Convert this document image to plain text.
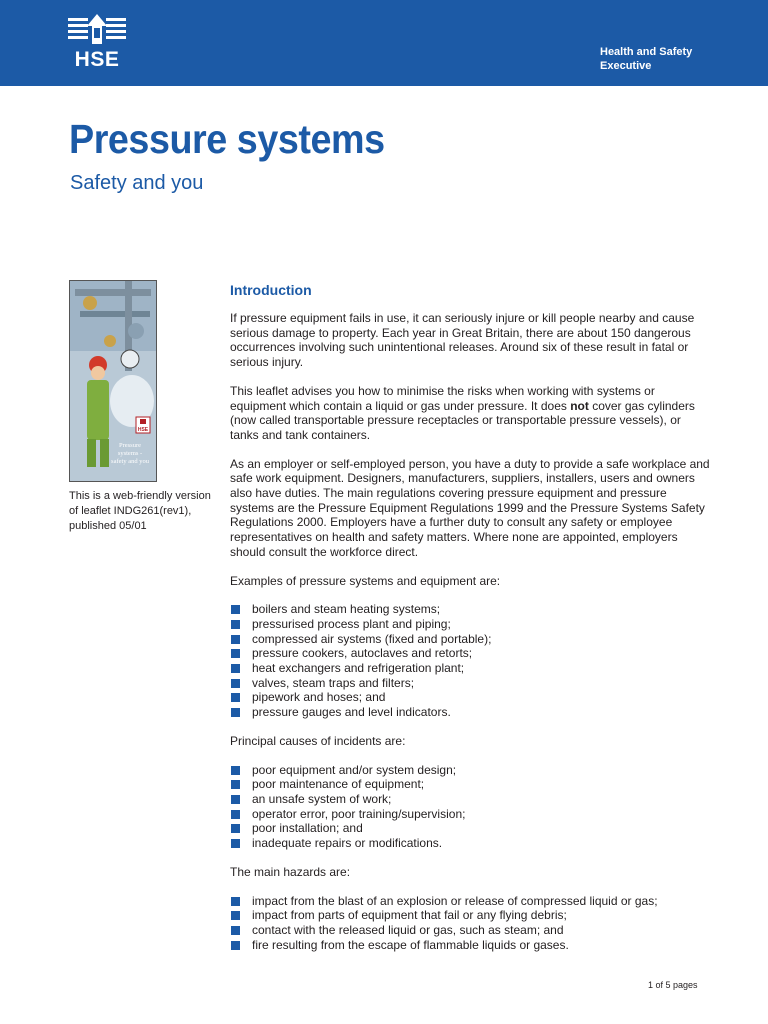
HSE	Health and Safety
Executive
Pressure systems
Safety and you
HSE
Pressure
systems -
safety and you
This is a web-friendly version
of leaflet INDG261(rev1),
published 05/01
Introduction

If pressure equipment fails in use, it can seriously injure or kill people nearby and cause serious damage to property. Each year in Great Britain, there are about 150 dangerous occurrences involving such unintentional releases. Around six of these result in fatal or serious injury.

This leaflet advises you how to minimise the risks when working with systems or equipment which contain a liquid or gas under pressure. It does not cover gas cylinders (now called transportable pressure receptacles or transportable pressure vessels), or tanks and tank containers.

As an employer or self-employed person, you have a duty to provide a safe workplace and safe work equipment. Designers, manufacturers, suppliers, installers, users and owners also have duties. The main regulations covering pressure equipment and pressure systems are the Pressure Equipment Regulations 1999 and the Pressure Systems Safety Regulations 2000. Employers have a further duty to consult any safety or employee representatives on health and safety matters. Where none are appointed, employers should consult the workforce direct.

Examples of pressure systems and equipment are:

boilers and steam heating systems;
pressurised process plant and piping;
compressed air systems (fixed and portable);
pressure cookers, autoclaves and retorts;
heat exchangers and refrigeration plant;
valves, steam traps and filters;
pipework and hoses; and
pressure gauges and level indicators.

Principal causes of incidents are:

poor equipment and/or system design;
poor maintenance of equipment;
an unsafe system of work;
operator error, poor training/supervision;
poor installation; and
inadequate repairs or modifications.

The main hazards are:

impact from the blast of an explosion or release of compressed liquid or gas;
impact from parts of equipment that fail or any flying debris;
contact with the released liquid or gas, such as steam; and
fire resulting from the escape of flammable liquids or gases.
1 of 5 pages
